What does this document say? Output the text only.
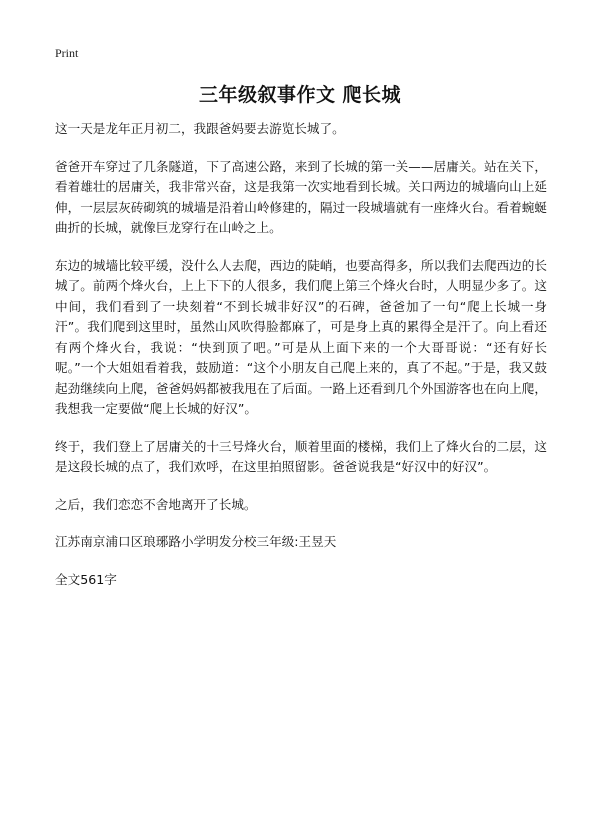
Print
三年级叙事作文 爬长城

这一天是龙年正月初二，我跟爸妈要去游览长城了。

爸爸开车穿过了几条隧道，下了高速公路，来到了长城的第一关——居庸关。站在关下，看着雄壮的居庸关，我非常兴奋，这是我第一次实地看到长城。关口两边的城墙向山上延伸，一层层灰砖砌筑的城墙是沿着山岭修建的，隔过一段城墙就有一座烽火台。看着蜿蜒曲折的长城，就像巨龙穿行在山岭之上。

东边的城墙比较平缓，没什么人去爬，西边的陡峭，也要高得多，所以我们去爬西边的长城了。前两个烽火台，上上下下的人很多，我们爬上第三个烽火台时，人明显少多了。这中间，我们看到了一块刻着“不到长城非好汉”的石碑，爸爸加了一句“爬上长城一身汗”。我们爬到这里时，虽然山风吹得脸都麻了，可是身上真的累得全是汗了。向上看还有两个烽火台，我说：“快到顶了吧。”可是从上面下来的一个大哥哥说：“还有好长呢。”一个大姐姐看着我，鼓励道：“这个小朋友自己爬上来的，真了不起。”于是，我又鼓起劲继续向上爬，爸爸妈妈都被我甩在了后面。一路上还看到几个外国游客也在向上爬，我想我一定要做“爬上长城的好汉”。

终于，我们登上了居庸关的十三号烽火台，顺着里面的楼梯，我们上了烽火台的二层，这是这段长城的点了，我们欢呼，在这里拍照留影。爸爸说我是“好汉中的好汉”。

之后，我们恋恋不舍地离开了长城。

江苏南京浦口区琅琊路小学明发分校三年级:王昱天

全文561字
